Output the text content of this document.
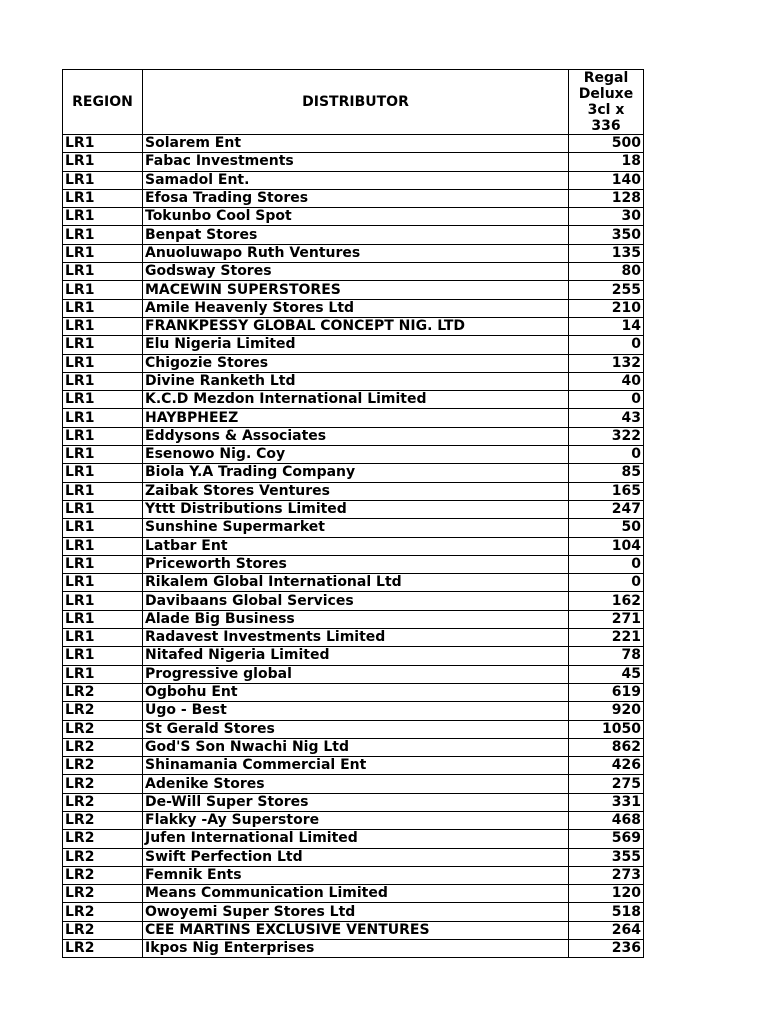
REGION	DISTRIBUTOR	Regal Deluxe 3cl x 336
LR1	Solarem Ent	500
LR1	Fabac Investments	18
LR1	Samadol Ent.	140
LR1	Efosa Trading Stores	128
LR1	Tokunbo Cool Spot	30
LR1	Benpat Stores	350
LR1	Anuoluwapo Ruth Ventures	135
LR1	Godsway Stores	80
LR1	MACEWIN SUPERSTORES	255
LR1	Amile Heavenly Stores Ltd	210
LR1	FRANKPESSY GLOBAL CONCEPT NIG. LTD	14
LR1	Elu Nigeria Limited	0
LR1	Chigozie Stores	132
LR1	Divine Ranketh Ltd	40
LR1	K.C.D Mezdon International Limited	0
LR1	HAYBPHEEZ	43
LR1	Eddysons & Associates	322
LR1	Esenowo Nig. Coy	0
LR1	Biola Y.A Trading Company	85
LR1	Zaibak Stores Ventures	165
LR1	Yttt Distributions Limited	247
LR1	Sunshine Supermarket	50
LR1	Latbar Ent	104
LR1	Priceworth Stores	0
LR1	Rikalem Global International Ltd	0
LR1	Davibaans Global Services	162
LR1	Alade Big Business	271
LR1	Radavest Investments Limited	221
LR1	Nitafed Nigeria Limited	78
LR1	Progressive global	45
LR2	Ogbohu Ent	619
LR2	Ugo - Best	920
LR2	St Gerald Stores	1050
LR2	God'S Son Nwachi Nig Ltd	862
LR2	Shinamania Commercial Ent	426
LR2	Adenike Stores	275
LR2	De-Will Super Stores	331
LR2	Flakky -Ay Superstore	468
LR2	Jufen International Limited	569
LR2	Swift Perfection Ltd	355
LR2	Femnik Ents	273
LR2	Means Communication Limited	120
LR2	Owoyemi Super Stores Ltd	518
LR2	CEE MARTINS EXCLUSIVE VENTURES	264
LR2	Ikpos Nig Enterprises	236
